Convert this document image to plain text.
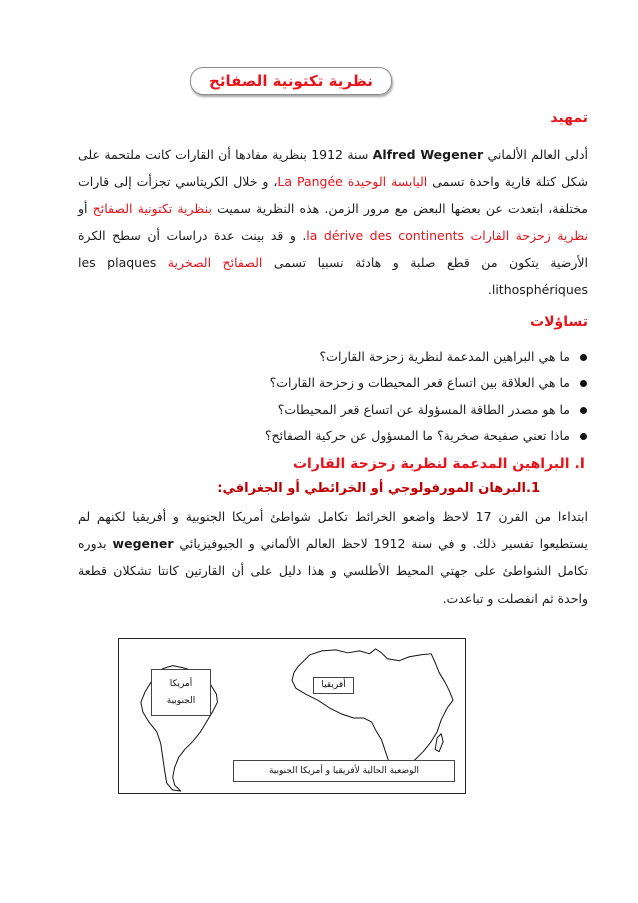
نظرية تكتونية الصفائح
تمهيد

أدلى العالم الألماني Alfred Wegener سنة 1912 بنظرية مفادها أن القارات كانت ملتحمة على شكل كتلة قارية واحدة تسمى اليابسة الوحيدة La Pangée، و خلال الكريتاسي تجزأت إلى قارات مختلفة، ابتعدت عن بعضها البعض مع مرور الزمن. هذه النظرية سميت بنظرية تكتونية الصفائح أو نظرية زحزحة القارات la dérive des continents. و قد بينت عدة دراسات أن سطح الكرة الأرضية يتكون من قطع صلبة و هادئة نسبيا تسمى الصفائح الصخرية les plaques lithosphériques.

تساؤلات
ما هي البراهين المدعمة لنظرية زحزحة القارات؟
ما هي العلاقة بين اتساع قعر المحيطات و زحزحة القارات؟
ما هو مصدر الطاقة المسؤولة عن اتساع قعر المحيطات؟
ماذا تعني صفيحة صخرية؟ ما المسؤول عن حركية الصفائح؟
I. البراهين المدعمة لنظرية زحزحة القارات
1.البرهان المورفولوجي أو الخرائطي أو الجغرافي:

ابتداءا من القرن 17 لاحظ واضعو الخرائط تكامل شواطئ أمريكا الجنوبية و أفريقيا لكنهم لم يستطيعوا تفسير ذلك. و في سنة 1912 لاحظ العالم الألماني و الجيوفيزيائي wegener بدوره تكامل الشواطئ على جهتي المحيط الأطلسي و هذا دليل على أن القارتين كانتا تشكلان قطعة واحدة ثم انفصلت و تباعدت.

أمريكا
الجنوبية
أفريقيا
الوضعية الحالية لأفريقيا و أمريكا الجنوبية
